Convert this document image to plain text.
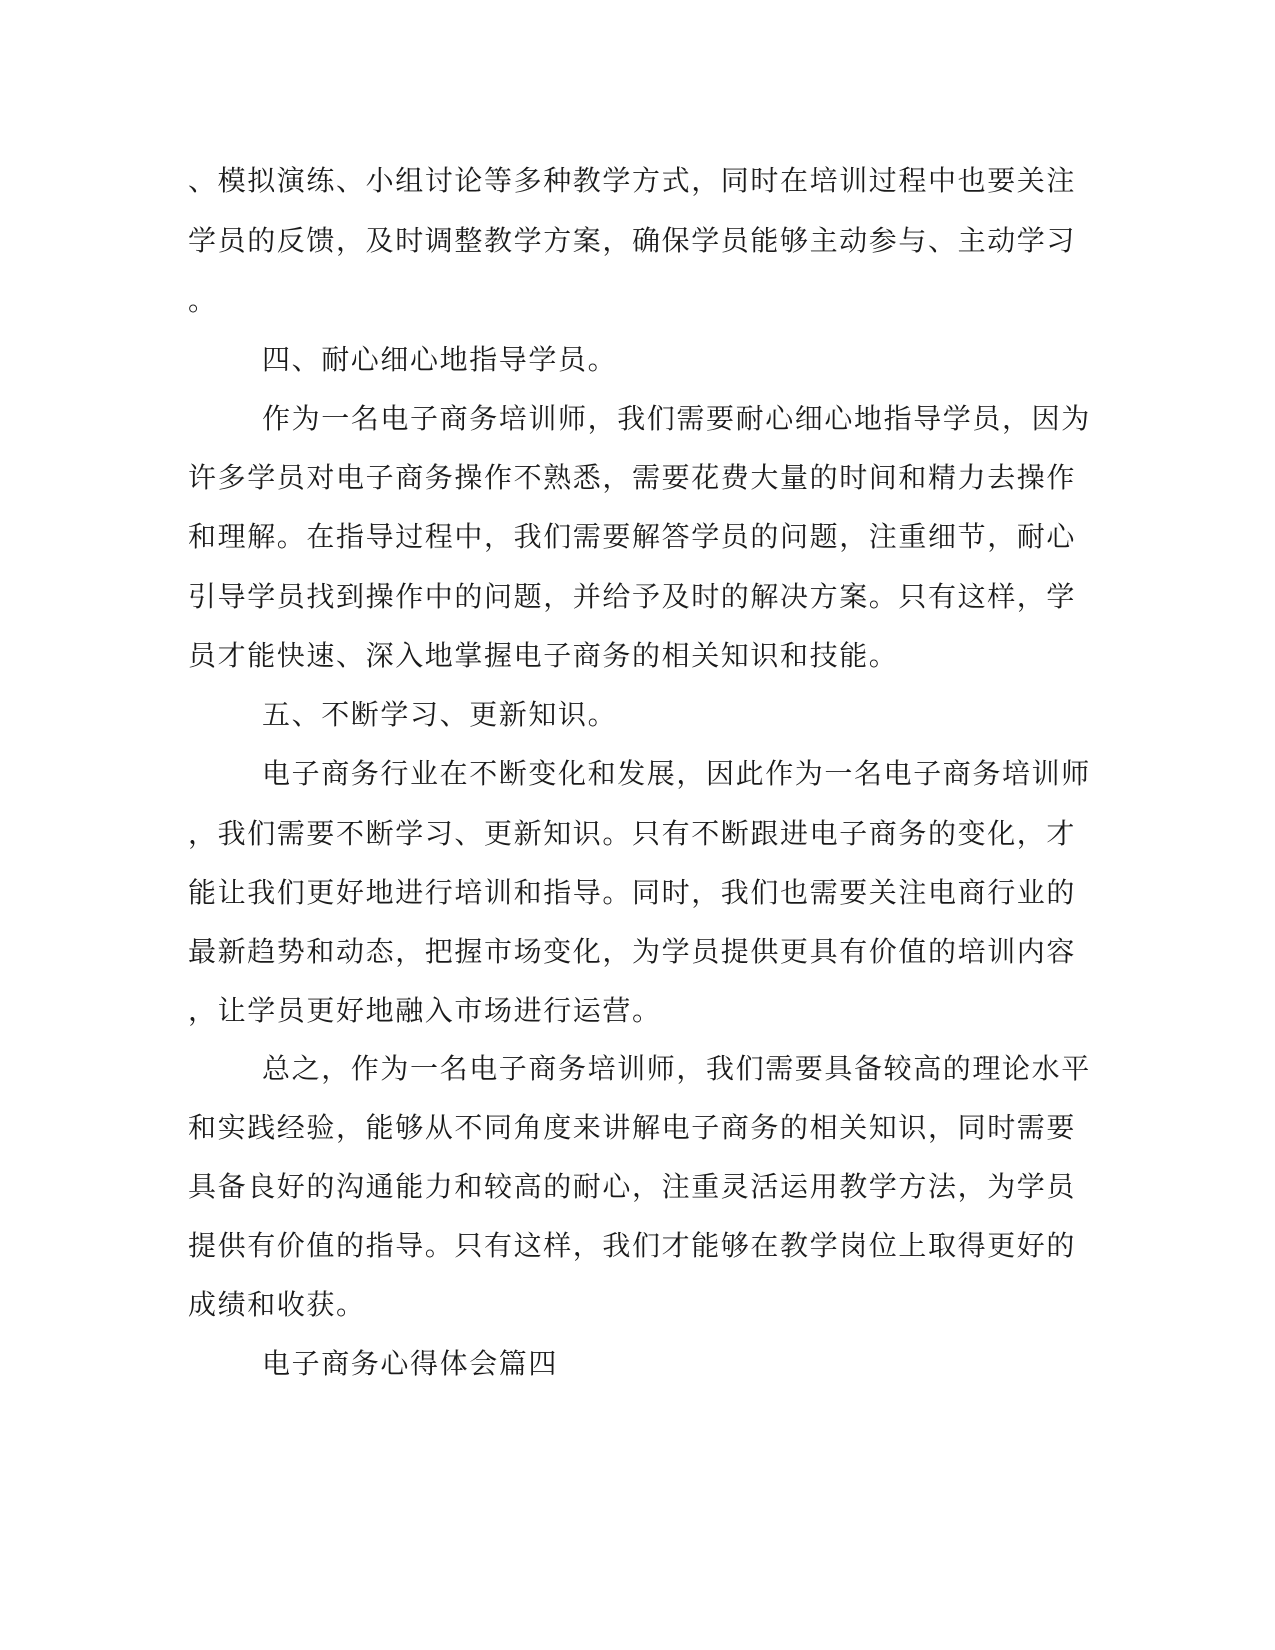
、模拟演练、小组讨论等多种教学方式，同时在培训过程中也要关注
学员的反馈，及时调整教学方案，确保学员能够主动参与、主动学习
。
四、耐心细心地指导学员。
作为一名电子商务培训师，我们需要耐心细心地指导学员，因为
许多学员对电子商务操作不熟悉，需要花费大量的时间和精力去操作
和理解。在指导过程中，我们需要解答学员的问题，注重细节，耐心
引导学员找到操作中的问题，并给予及时的解决方案。只有这样，学
员才能快速、深入地掌握电子商务的相关知识和技能。
五、不断学习、更新知识。
电子商务行业在不断变化和发展，因此作为一名电子商务培训师
，我们需要不断学习、更新知识。只有不断跟进电子商务的变化，才
能让我们更好地进行培训和指导。同时，我们也需要关注电商行业的
最新趋势和动态，把握市场变化，为学员提供更具有价值的培训内容
，让学员更好地融入市场进行运营。
总之，作为一名电子商务培训师，我们需要具备较高的理论水平
和实践经验，能够从不同角度来讲解电子商务的相关知识，同时需要
具备良好的沟通能力和较高的耐心，注重灵活运用教学方法，为学员
提供有价值的指导。只有这样，我们才能够在教学岗位上取得更好的
成绩和收获。
电子商务心得体会篇四
